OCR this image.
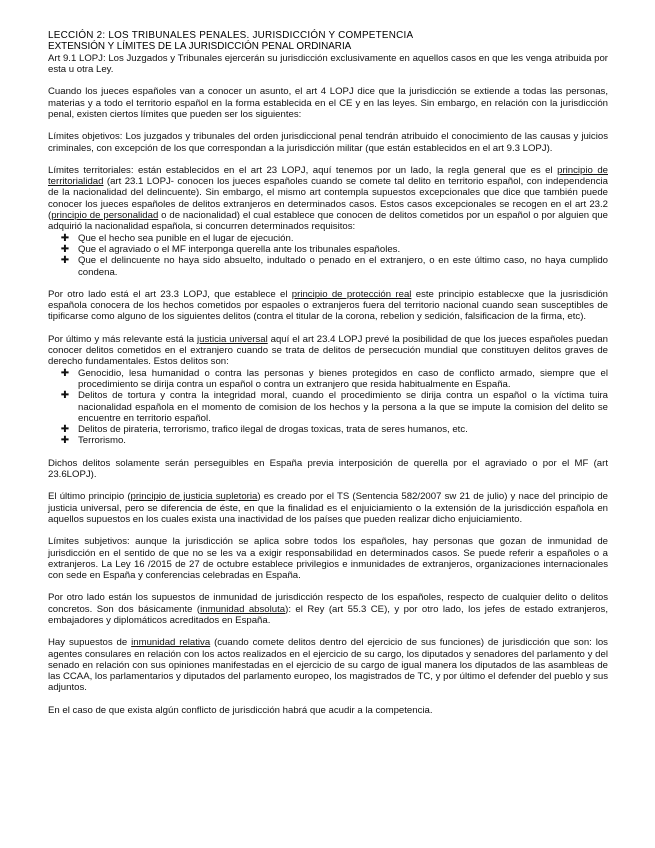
LECCIÓN 2: LOS TRIBUNALES PENALES. JURISDICCIÓN Y COMPETENCIA
EXTENSIÓN Y LÍMITES DE LA JURISDICCIÓN PENAL ORDINARIA

Art 9.1 LOPJ: Los Juzgados y Tribunales ejercerán su jurisdicción exclusivamente en aquellos casos en que les venga atribuida por esta u otra Ley.

Cuando los jueces españoles van a conocer un asunto, el art 4 LOPJ dice que la jurisdicción se extiende a todas las personas, materias y a todo el territorio español en la forma establecida en el CE y en las leyes. Sin embargo, en relación con la jurisdicción penal, existen ciertos límites que pueden ser los siguientes:

Límites objetivos: Los juzgados y tribunales del orden jurisdiccional penal tendrán atribuido el conocimiento de las causas y juicios criminales, con excepción de los que correspondan a la jurisdicción militar (que están establecidos en el art 9.3 LOPJ).

Límites territoriales: están establecidos en el art 23 LOPJ, aquí tenemos por un lado, la regla general que es el principio de territorialidad (art 23.1 LOPJ- conocen los jueces españoles cuando se comete tal delito en territorio español, con independencia de la nacionalidad del delincuente). Sin embargo, el mismo art contempla supuestos excepcionales que dice que también puede conocer los jueces españoles de delitos extranjeros en determinados casos. Estos casos excepcionales se recogen en el art 23.2 (principio de personalidad o de nacionalidad) el cual establece que conocen de delitos cometidos por un español o por alguien que adquirió la nacionalidad española, si concurren determinados requisitos:

✚ Que el hecho sea punible en el lugar de ejecución.
✚ Que el agraviado o el MF interponga querella ante los tribunales españoles.
✚ Que el delincuente no haya sido absuelto, indultado o penado en el extranjero, o en este último caso, no haya cumplido condena.

Por otro lado está el art 23.3 LOPJ, que establece el principio de protección real este principio establecxe que la jusrisdición española conocera de los hechos cometidos por espaoles o extranjeros fuera del territorio nacional cuando sean susceptibles de tipificarse como alguno de los siguientes delitos (contra el titular de la corona, rebelion y sedición, falsificacion de la firma, etc).

Por último y más relevante está la justicia universal aquí el art 23.4 LOPJ prevé la posibilidad de que los jueces españoles puedan conocer delitos cometidos en el extranjero cuando se trata de delitos de persecución mundial que constituyen delitos graves de derecho fundamentales. Estos delitos son:

✚ Genocidio, lesa humanidad o contra las personas y bienes protegidos en caso de conflicto armado, siempre que el procedimiento se dirija contra un español o contra un extranjero que resida habitualmente en España.
✚ Delitos de tortura y contra la integridad moral, cuando el procedimiento se dirija contra un español o la víctima tuira nacionalidad española en el momento de comision de los hechos y la persona a la que se impute la comision del delito se encuentre en territorio español.
✚ Delitos de pirateria, terrorismo, trafico ilegal de drogas toxicas, trata de seres humanos, etc.
✚ Terrorismo.

Dichos delitos solamente serán perseguibles en España previa interposición de querella por el agraviado o por el MF (art 23.6LOPJ).

El último principio (principio de justicia supletoria) es creado por el TS (Sentencia 582/2007 sw 21 de julio) y nace del principio de justicia universal, pero se diferencia de éste, en que la finalidad es el enjuiciamiento o la extensión de la jurisdicción española en aquellos supuestos en los cuales exista una inactividad de los países que pueden realizar dicho enjuiciamiento.

Límites subjetivos: aunque la jurisdicción se aplica sobre todos los españoles, hay personas que gozan de inmunidad de jurisdicción en el sentido de que no se les va a exigir responsabilidad en determinados casos. Se puede referir a españoles o a extranjeros. La Ley 16 /2015 de 27 de octubre establece privilegios e inmunidades de extranjeros, organizaciones internacionales con sede en España y conferencias celebradas en España.

Por otro lado están los supuestos de inmunidad de jurisdicción respecto de los españoles, respecto de cualquier delito o delitos concretos. Son dos básicamente (inmunidad absoluta): el Rey (art 55.3 CE), y por otro lado, los jefes de estado extranjeros, embajadores y diplomáticos acreditados en España.

Hay supuestos de inmunidad relativa (cuando comete delitos dentro del ejercicio de sus funciones) de jurisdicción que son: los agentes consulares en relación con los actos realizados en el ejercicio de su cargo, los diputados y senadores del parlamento y del senado en relación con sus opiniones manifestadas en el ejercicio de su cargo de igual manera los diputados de las asambleas de las CCAA, los parlamentarios y diputados del parlamento europeo, los magistrados de TC, y por último el defender del pueblo y sus adjuntos.

En el caso de que exista algún conflicto de jurisdicción habrá que acudir a la competencia.
